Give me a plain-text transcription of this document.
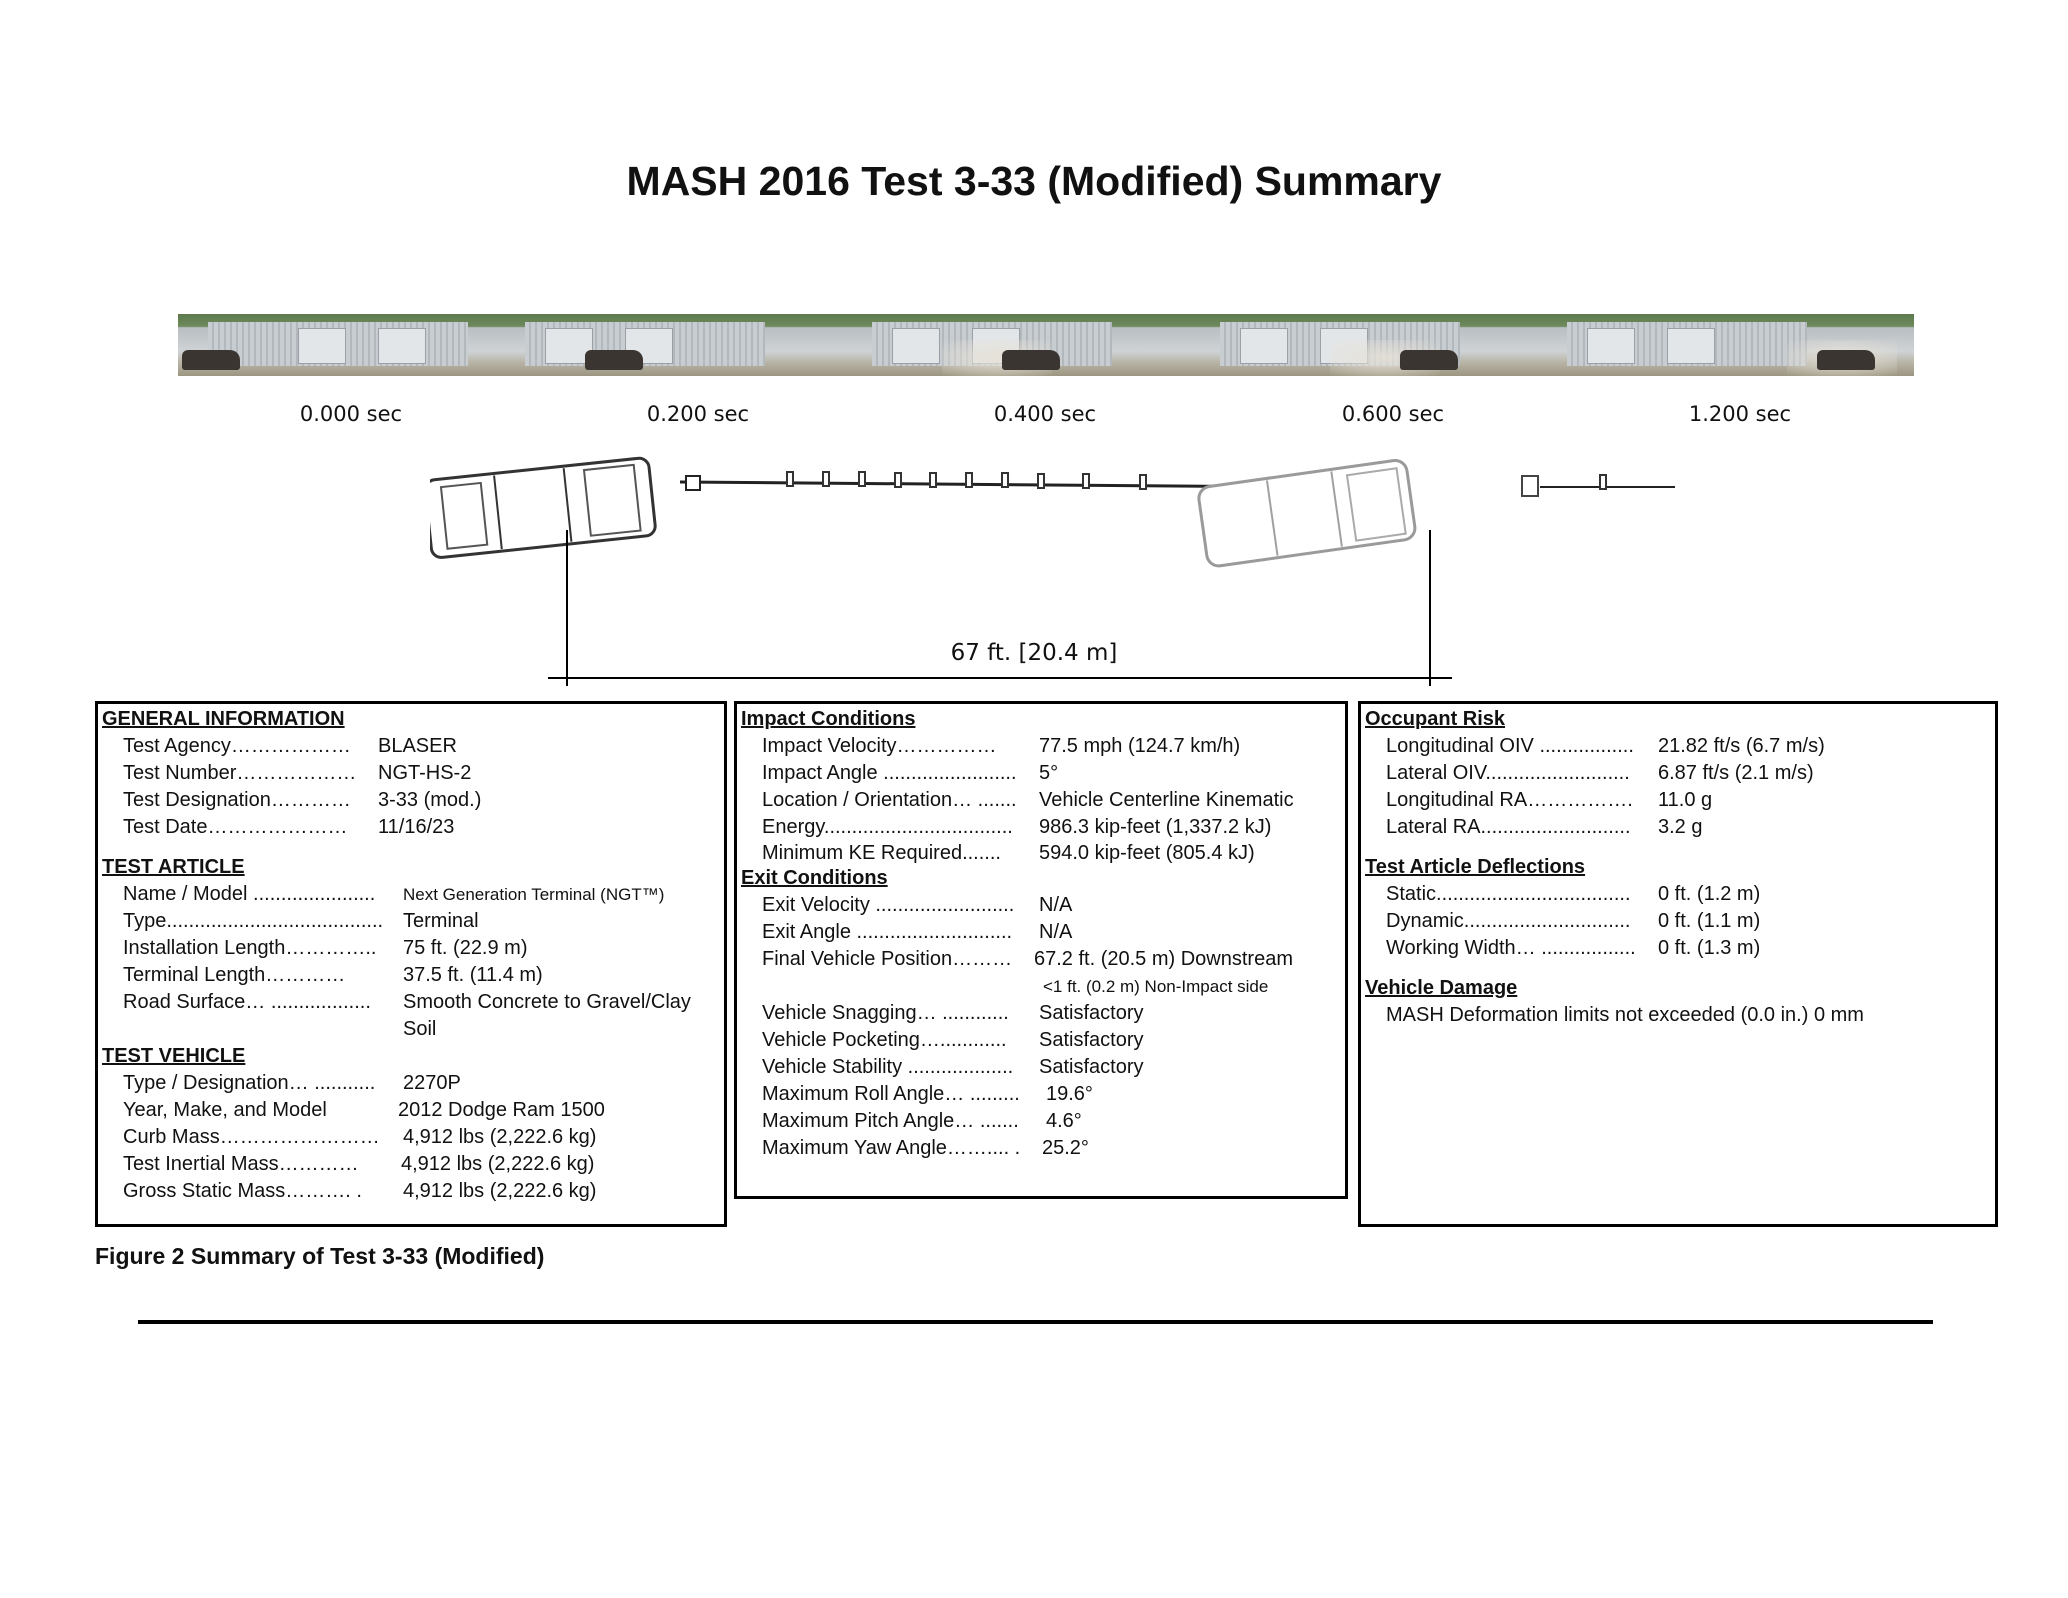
MASH 2016 Test 3-33 (Modified) Summary
0.000 sec	0.200 sec	0.400 sec	0.600 sec	1.200 sec
67 ft. [20.4 m]
GENERAL INFORMATION
Test Agency………………	BLASER
Test Number………………	NGT-HS-2
Test Designation…………	3-33 (mod.)
Test Date…………………	11/16/23
TEST ARTICLE
Name / Model ......................	Next Generation Terminal (NGT™)
Type....................................... Terminal
Installation Length…………..	75 ft. (22.9 m)
Terminal Length…………	37.5 ft. (11.4 m)
Road Surface… ..................	Smooth Concrete to Gravel/Clay
Soil
TEST VEHICLE
Type / Designation… ...........	2270P
Year, Make, and Model	2012 Dodge Ram 1500
Curb Mass……………………	4,912 lbs (2,222.6 kg)
Test Inertial Mass…………	4,912 lbs (2,222.6 kg)
Gross Static Mass………. .	4,912 lbs (2,222.6 kg)
Impact Conditions
Impact Velocity……………	77.5 mph (124.7 km/h)
Impact Angle ........................	5°
Location / Orientation… .......	Vehicle Centerline Kinematic
Energy..................................	986.3 kip-feet (1,337.2 kJ)
Minimum KE Required.......	594.0 kip-feet (805.4 kJ)
Exit Conditions
Exit Velocity .........................	N/A
Exit Angle ............................	N/A
Final Vehicle Position………	67.2 ft. (20.5 m) Downstream
<1 ft. (0.2 m) Non-Impact side
Vehicle Snagging… ............	Satisfactory
Vehicle Pocketing…............	Satisfactory
Vehicle Stability ...................	Satisfactory
Maximum Roll Angle… .........	19.6°
Maximum Pitch Angle… .......	4.6°
Maximum Yaw Angle…….... .	25.2°
Occupant Risk
Longitudinal OIV .................	21.82 ft/s (6.7 m/s)
Lateral OIV..........................	6.87 ft/s (2.1 m/s)
Longitudinal RA…………….	11.0 g
Lateral RA...........................	3.2 g
Test Article Deflections
Static...................................	0 ft. (1.2 m)
Dynamic..............................	0 ft. (1.1 m)
Working Width… .................	0 ft. (1.3 m)
Vehicle Damage
MASH Deformation limits not exceeded (0.0 in.) 0 mm
Figure 2 Summary of Test 3-33 (Modified)
